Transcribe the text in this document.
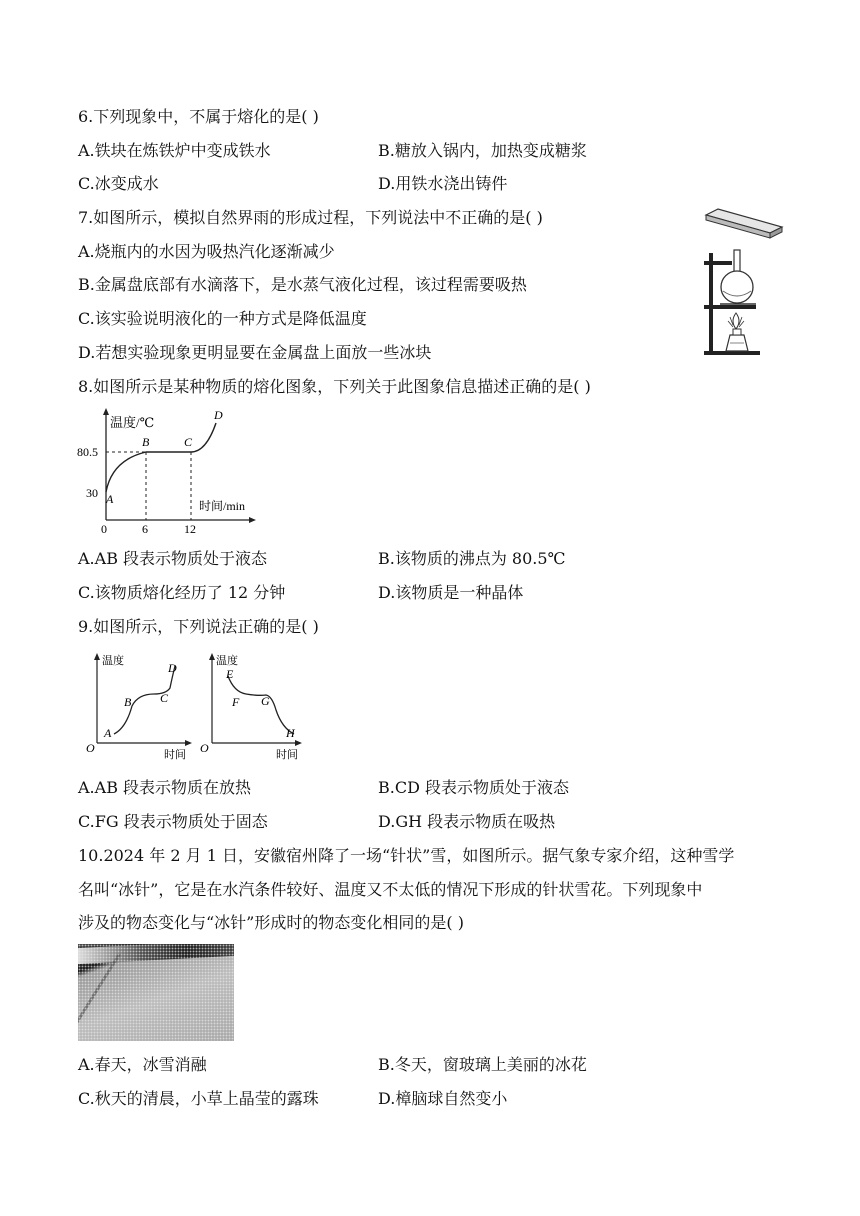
6.下列现象中，不属于熔化的是( )
A.铁块在炼铁炉中变成铁水	B.糖放入锅内，加热变成糖浆
C.冰变成水	D.用铁水浇出铸件
7.如图所示，模拟自然界雨的形成过程，下列说法中不正确的是( )
A.烧瓶内的水因为吸热汽化逐渐减少
B.金属盘底部有水滴落下，是水蒸气液化过程，该过程需要吸热
C.该实验说明液化的一种方式是降低温度
D.若想实验现象更明显要在金属盘上面放一些冰块
8.如图所示是某种物质的熔化图象，下列关于此图象信息描述正确的是( )
温度/℃
时间/min
80.5
30
0	6	12
A
B	C
D
A.AB 段表示物质处于液态	B.该物质的沸点为 80.5℃
C.该物质熔化经历了 12 分钟	D.该物质是一种晶体
9.如图所示，下列说法正确的是( )
温度
时间
O
A
B C
D	温度
时间
O
E
F G
H
A.AB 段表示物质在放热	B.CD 段表示物质处于液态
C.FG 段表示物质处于固态	D.GH 段表示物质在吸热
10.2024 年 2 月 1 日，安徽宿州降了一场“针状”雪，如图所示。据气象专家介绍，这种雪学
名叫“冰针”，它是在水汽条件较好、温度又不太低的情况下形成的针状雪花。下列现象中
涉及的物态变化与“冰针”形成时的物态变化相同的是( )
A.春天，冰雪消融	B.冬天，窗玻璃上美丽的冰花
C.秋天的清晨，小草上晶莹的露珠	D.樟脑球自然变小
